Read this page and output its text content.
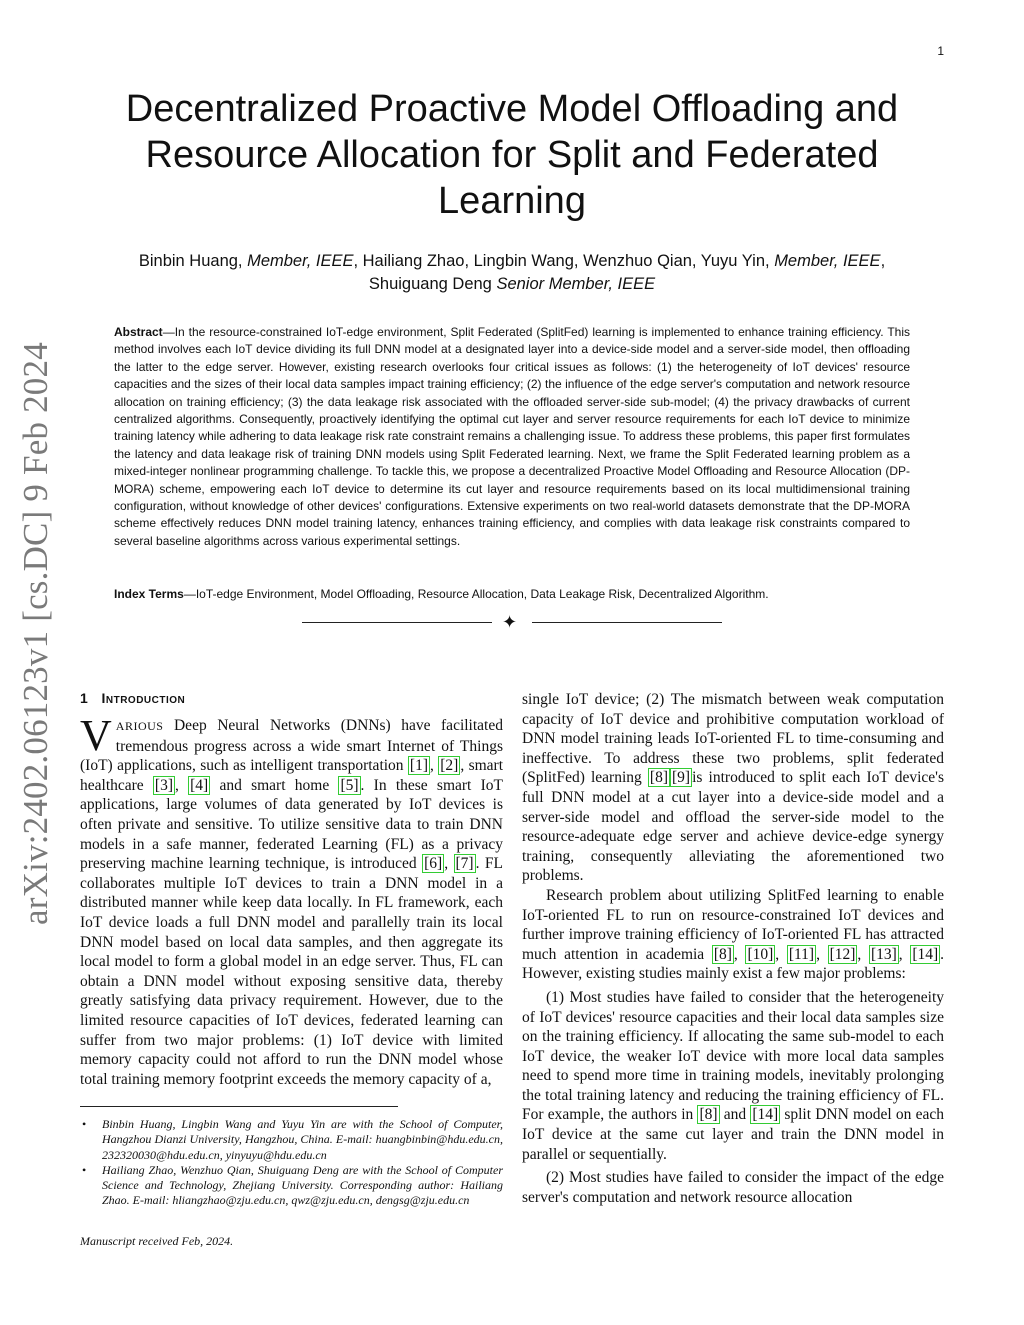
1
arXiv:2402.06123v1 [cs.DC] 9 Feb 2024
Decentralized Proactive Model Offloading and
Resource Allocation for Split and Federated
Learning
Binbin Huang, Member, IEEE, Hailiang Zhao, Lingbin Wang, Wenzhuo Qian, Yuyu Yin, Member, IEEE,
Shuiguang Deng Senior Member, IEEE
Abstract—In the resource-constrained IoT-edge environment, Split Federated (SplitFed) learning is implemented to enhance training efficiency. This method involves each IoT device dividing its full DNN model at a designated layer into a device-side model and a server-side model, then offloading the latter to the edge server. However, existing research overlooks four critical issues as follows: (1) the heterogeneity of IoT devices' resource capacities and the sizes of their local data samples impact training efficiency; (2) the influence of the edge server's computation and network resource allocation on training efficiency; (3) the data leakage risk associated with the offloaded server-side sub-model; (4) the privacy drawbacks of current centralized algorithms. Consequently, proactively identifying the optimal cut layer and server resource requirements for each IoT device to minimize training latency while adhering to data leakage risk rate constraint remains a challenging issue. To address these problems, this paper first formulates the latency and data leakage risk of training DNN models using Split Federated learning. Next, we frame the Split Federated learning problem as a mixed-integer nonlinear programming challenge. To tackle this, we propose a decentralized Proactive Model Offloading and Resource Allocation (DP-MORA) scheme, empowering each IoT device to determine its cut layer and resource requirements based on its local multidimensional training configuration, without knowledge of other devices' configurations. Extensive experiments on two real-world datasets demonstrate that the DP-MORA scheme effectively reduces DNN model training latency, enhances training efficiency, and complies with data leakage risk constraints compared to several baseline algorithms across various experimental settings.
Index Terms—IoT-edge Environment, Model Offloading, Resource Allocation, Data Leakage Risk, Decentralized Algorithm.
✦
1 Introduction

VARIOUS Deep Neural Networks (DNNs) have facilitated tremendous progress across a wide smart Internet of Things (IoT) applications, such as intelligent transportation [1] , [2] , smart healthcare [3] , [4] and smart home [5] . In these smart IoT applications, large volumes of data generated by IoT devices is often private and sensitive. To utilize sensitive data to train DNN models in a safe manner, federated Learning (FL) as a privacy preserving machine learning technique, is introduced [6] , [7] . FL collaborates multiple IoT devices to train a DNN model in a distributed manner while keep data locally. In FL framework, each IoT device loads a full DNN model and parallelly train its local DNN model based on local data samples, and then aggregate its local model to form a global model in an edge server. Thus, FL can obtain a DNN model without exposing sensitive data, thereby greatly satisfying data privacy requirement. However, due to the limited resource capacities of IoT devices, federated learning can suffer from two major problems: (1) IoT device with limited memory capacity could not afford to run the DNN model whose total training memory footprint exceeds the memory capacity of a,

single IoT device; (2) The mismatch between weak computation capacity of IoT device and prohibitive computation workload of DNN model training leads IoT-oriented FL to time-consuming and ineffective. To address these two problems, split federated (SplitFed) learning [8] [9] is introduced to split each IoT device's full DNN model at a cut layer into a device-side model and a server-side model and offload the server-side model to the resource-adequate edge server and achieve device-edge synergy training, consequently alleviating the aforementioned two problems.

Research problem about utilizing SplitFed learning to enable IoT-oriented FL to run on resource-constrained IoT devices and further improve training efficiency of IoT-oriented FL has attracted much attention in academia [8] , [10] , [11] , [12] , [13] , [14] . However, existing studies mainly exist a few major problems:

(1) Most studies have failed to consider that the heterogeneity of IoT devices' resource capacities and their local data samples size on the training efficiency. If allocating the same sub-model to each IoT device, the weaker IoT device with more local data samples need to spend more time in training models, inevitably prolonging the total training latency and reducing the training efficiency of FL. For example, the authors in [8] and [14] split DNN model on each IoT device at the same cut layer and train the DNN model in parallel or sequentially.

(2) Most studies have failed to consider the impact of the edge server's computation and network resource allocation

• Binbin Huang, Lingbin Wang and Yuyu Yin are with the School of Computer, Hangzhou Dianzi University, Hangzhou, China. E-mail: huangbinbin@hdu.edu.cn, 232320030@hdu.edu.cn, yinyuyu@hdu.edu.cn
• Hailiang Zhao, Wenzhuo Qian, Shuiguang Deng are with the School of Computer Science and Technology, Zhejiang University. Corresponding author: Hailiang Zhao. E-mail: hliangzhao@zju.edu.cn, qwz@zju.edu.cn, dengsg@zju.edu.cn
Manuscript received Feb, 2024.
